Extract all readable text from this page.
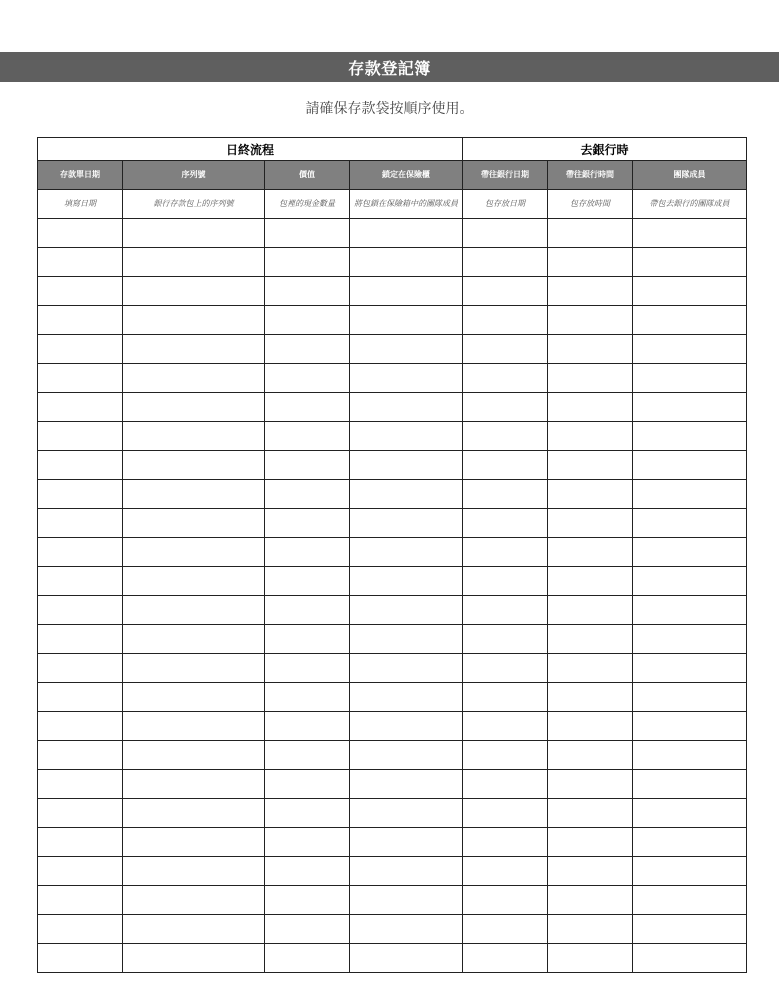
存款登記簿
請確保存款袋按順序使用。
日終流程				去銀行時		
存款單日期	序列號	價值	鎖定在保險櫃	帶往銀行日期	帶往銀行時間	團隊成員
填寫日期	銀行存款包上的序列號	包裡的現金數量	將包鎖在保險箱中的團隊成員	包存放日期	包存放時間	帶包去銀行的團隊成員
